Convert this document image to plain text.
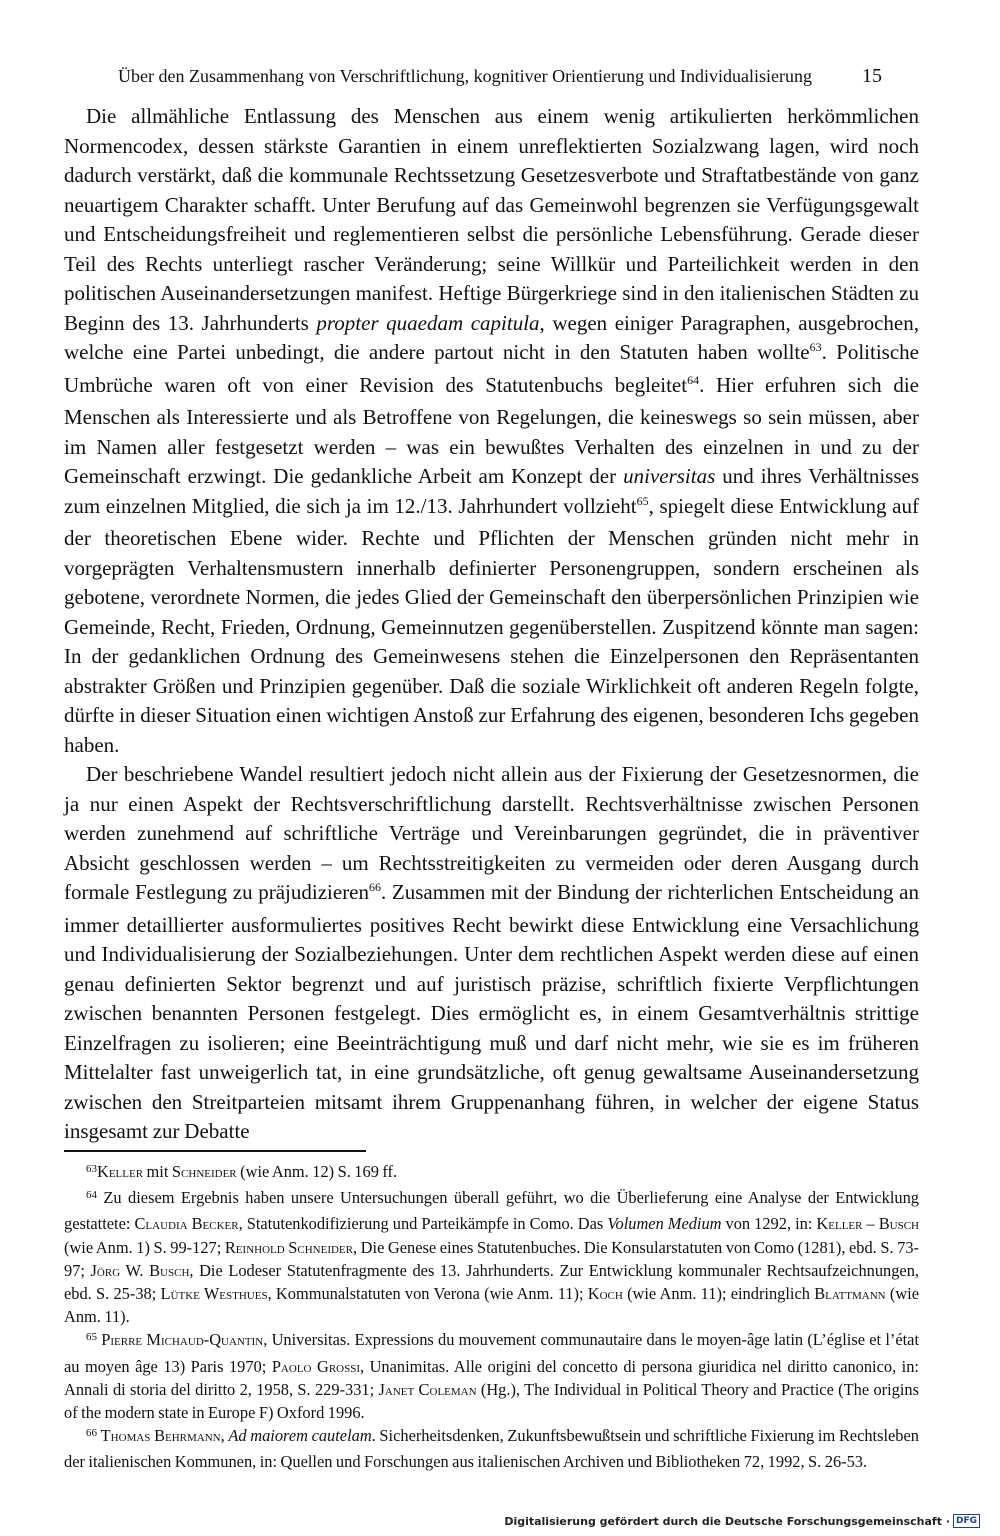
Über den Zusammenhang von Verschriftlichung, kognitiver Orientierung und Individualisierung 15

Die allmähliche Entlassung des Menschen aus einem wenig artikulierten herkömmlichen Normencodex, dessen stärkste Garantien in einem unreflektierten Sozialzwang lagen, wird noch dadurch verstärkt, daß die kommunale Rechtssetzung Gesetzesverbote und Straftatbestände von ganz neuartigem Charakter schafft. Unter Berufung auf das Gemeinwohl begrenzen sie Verfügungsgewalt und Entscheidungsfreiheit und reglementieren selbst die persönliche Lebensführung. Gerade dieser Teil des Rechts unterliegt rascher Veränderung; seine Willkür und Parteilichkeit werden in den politischen Auseinandersetzungen manifest. Heftige Bürgerkriege sind in den italienischen Städten zu Beginn des 13. Jahrhunderts propter quaedam capitula, wegen einiger Paragraphen, ausgebrochen, welche eine Partei unbedingt, die andere partout nicht in den Statuten haben wollte$^{63}$. Politische Umbrüche waren oft von einer Revision des Statutenbuchs begleitet$^{64}$. Hier erfuhren sich die Menschen als Interessierte und als Betroffene von Regelungen, die keineswegs so sein müssen, aber im Namen aller festgesetzt werden – was ein bewußtes Verhalten des einzelnen in und zu der Gemeinschaft erzwingt. Die gedankliche Arbeit am Konzept der universitas und ihres Verhältnisses zum einzelnen Mitglied, die sich ja im 12./13. Jahrhundert vollzieht$^{65}$, spiegelt diese Entwicklung auf der theoretischen Ebene wider. Rechte und Pflichten der Menschen gründen nicht mehr in vorgeprägten Verhaltensmustern innerhalb definierter Personengruppen, sondern erscheinen als gebotene, verordnete Normen, die jedes Glied der Gemeinschaft den überpersönlichen Prinzipien wie Gemeinde, Recht, Frieden, Ordnung, Gemeinnutzen gegenüberstellen. Zuspitzend könnte man sagen: In der gedanklichen Ordnung des Gemeinwesens stehen die Einzelpersonen den Repräsentanten abstrakter Größen und Prinzipien gegenüber. Daß die soziale Wirklichkeit oft anderen Regeln folgte, dürfte in dieser Situation einen wichtigen Anstoß zur Erfahrung des eigenen, besonderen Ichs gegeben haben.

Der beschriebene Wandel resultiert jedoch nicht allein aus der Fixierung der Gesetzesnormen, die ja nur einen Aspekt der Rechtsverschriftlichung darstellt. Rechtsverhältnisse zwischen Personen werden zunehmend auf schriftliche Verträge und Vereinbarungen gegründet, die in präventiver Absicht geschlossen werden – um Rechtsstreitigkeiten zu vermeiden oder deren Ausgang durch formale Festlegung zu präjudizieren$^{66}$. Zusammen mit der Bindung der richterlichen Entscheidung an immer detaillierter ausformuliertes positives Recht bewirkt diese Entwicklung eine Versachlichung und Individualisierung der Sozialbeziehungen. Unter dem rechtlichen Aspekt werden diese auf einen genau definierten Sektor begrenzt und auf juristisch präzise, schriftlich fixierte Verpflichtungen zwischen benannten Personen festgelegt. Dies ermöglicht es, in einem Gesamtverhältnis strittige Einzelfragen zu isolieren; eine Beeinträchtigung muß und darf nicht mehr, wie sie es im früheren Mittelalter fast unweigerlich tat, in eine grundsätzliche, oft genug gewaltsame Auseinandersetzung zwischen den Streitparteien mitsamt ihrem Gruppenanhang führen, in welcher der eigene Status insgesamt zur Debatte

$^{63}$Keller mit Schneider (wie Anm. 12) S. 169 ff.

$^{64}$ Zu diesem Ergebnis haben unsere Untersuchungen überall geführt, wo die Überlieferung eine Analyse der Entwicklung gestattete: Claudia Becker, Statutenkodifizierung und Parteikämpfe in Como. Das Volumen Medium von 1292, in: Keller – Busch (wie Anm. 1) S. 99-127; Reinhold Schneider, Die Genese eines Statutenbuches. Die Konsularstatuten von Como (1281), ebd. S. 73-97; Jörg W. Busch, Die Lodeser Statutenfragmente des 13. Jahrhunderts. Zur Entwicklung kommunaler Rechtsaufzeichnungen, ebd. S. 25-38; Lütke Westhues, Kommunalstatuten von Verona (wie Anm. 11); Koch (wie Anm. 11); eindringlich Blattmann (wie Anm. 11).

$^{65}$ Pierre Michaud-Quantin, Universitas. Expressions du mouvement communautaire dans le moyen-âge latin (L’église et l’état au moyen âge 13) Paris 1970; Paolo Grossi, Unanimitas. Alle origini del concetto di persona giuridica nel diritto canonico, in: Annali di storia del diritto 2, 1958, S. 229-331; Janet Coleman (Hg.), The Individual in Political Theory and Practice (The origins of the modern state in Europe F) Oxford 1996.

$^{66}$ Thomas Behrmann, Ad maiorem cautelam. Sicherheitsdenken, Zukunftsbewußtsein und schriftliche Fixierung im Rechtsleben der italienischen Kommunen, in: Quellen und Forschungen aus italienischen Archiven und Bibliotheken 72, 1992, S. 26-53.

Digitalisierung gefördert durch die Deutsche Forschungsgemeinschaft · DFG
